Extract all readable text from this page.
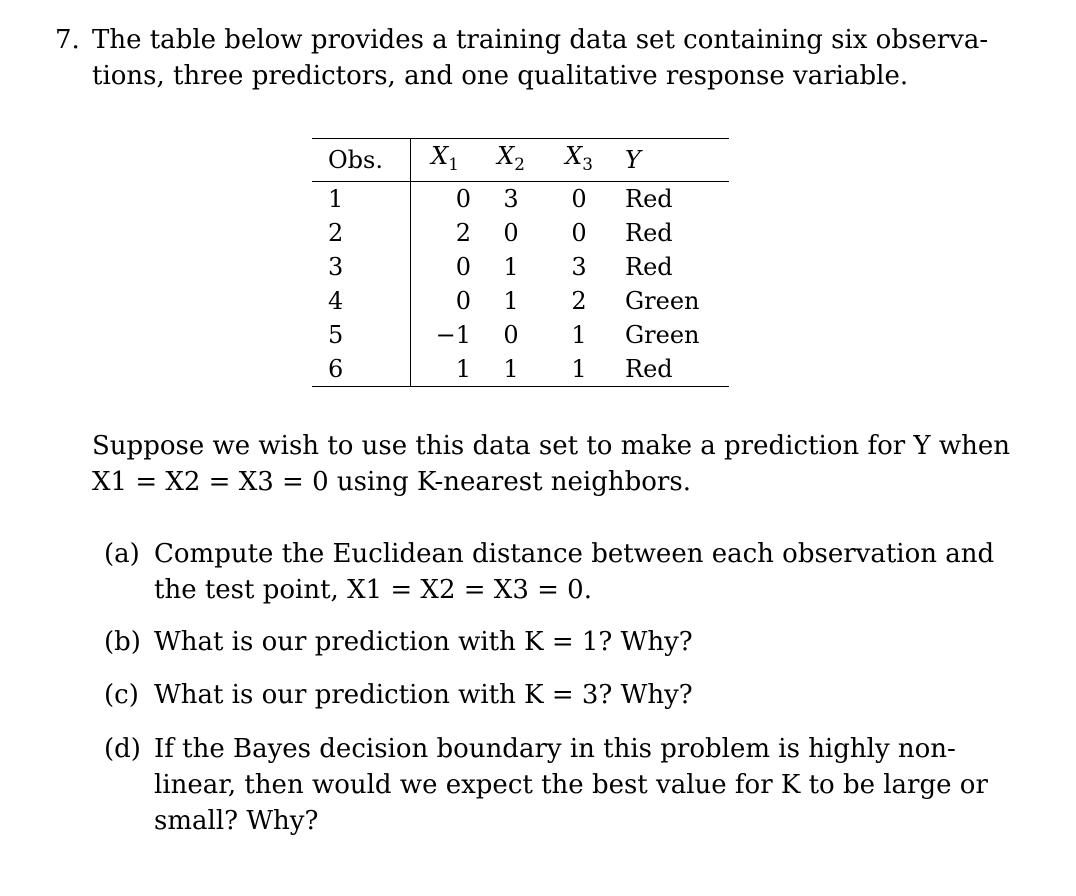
7. The table below provides a training data set containing six observa-
tions, three predictors, and one qualitative response variable.
Obs.	$X_1$	$X_2$	$X_3$	Y
1	0	3	0	Red
2	2	0	0	Red
3	0	1	3	Red
4	0	1	2	Green
5	−1	0	1	Green
6	1	1	1	Red
Suppose we wish to use this data set to make a prediction for Y when
X1 = X2 = X3 = 0 using K-nearest neighbors.
(a) Compute the Euclidean distance between each observation and
the test point, X1 = X2 = X3 = 0.
(b) What is our prediction with K = 1? Why?
(c) What is our prediction with K = 3? Why?
(d) If the Bayes decision boundary in this problem is highly non-
linear, then would we expect the best value for K to be large or
small? Why?
